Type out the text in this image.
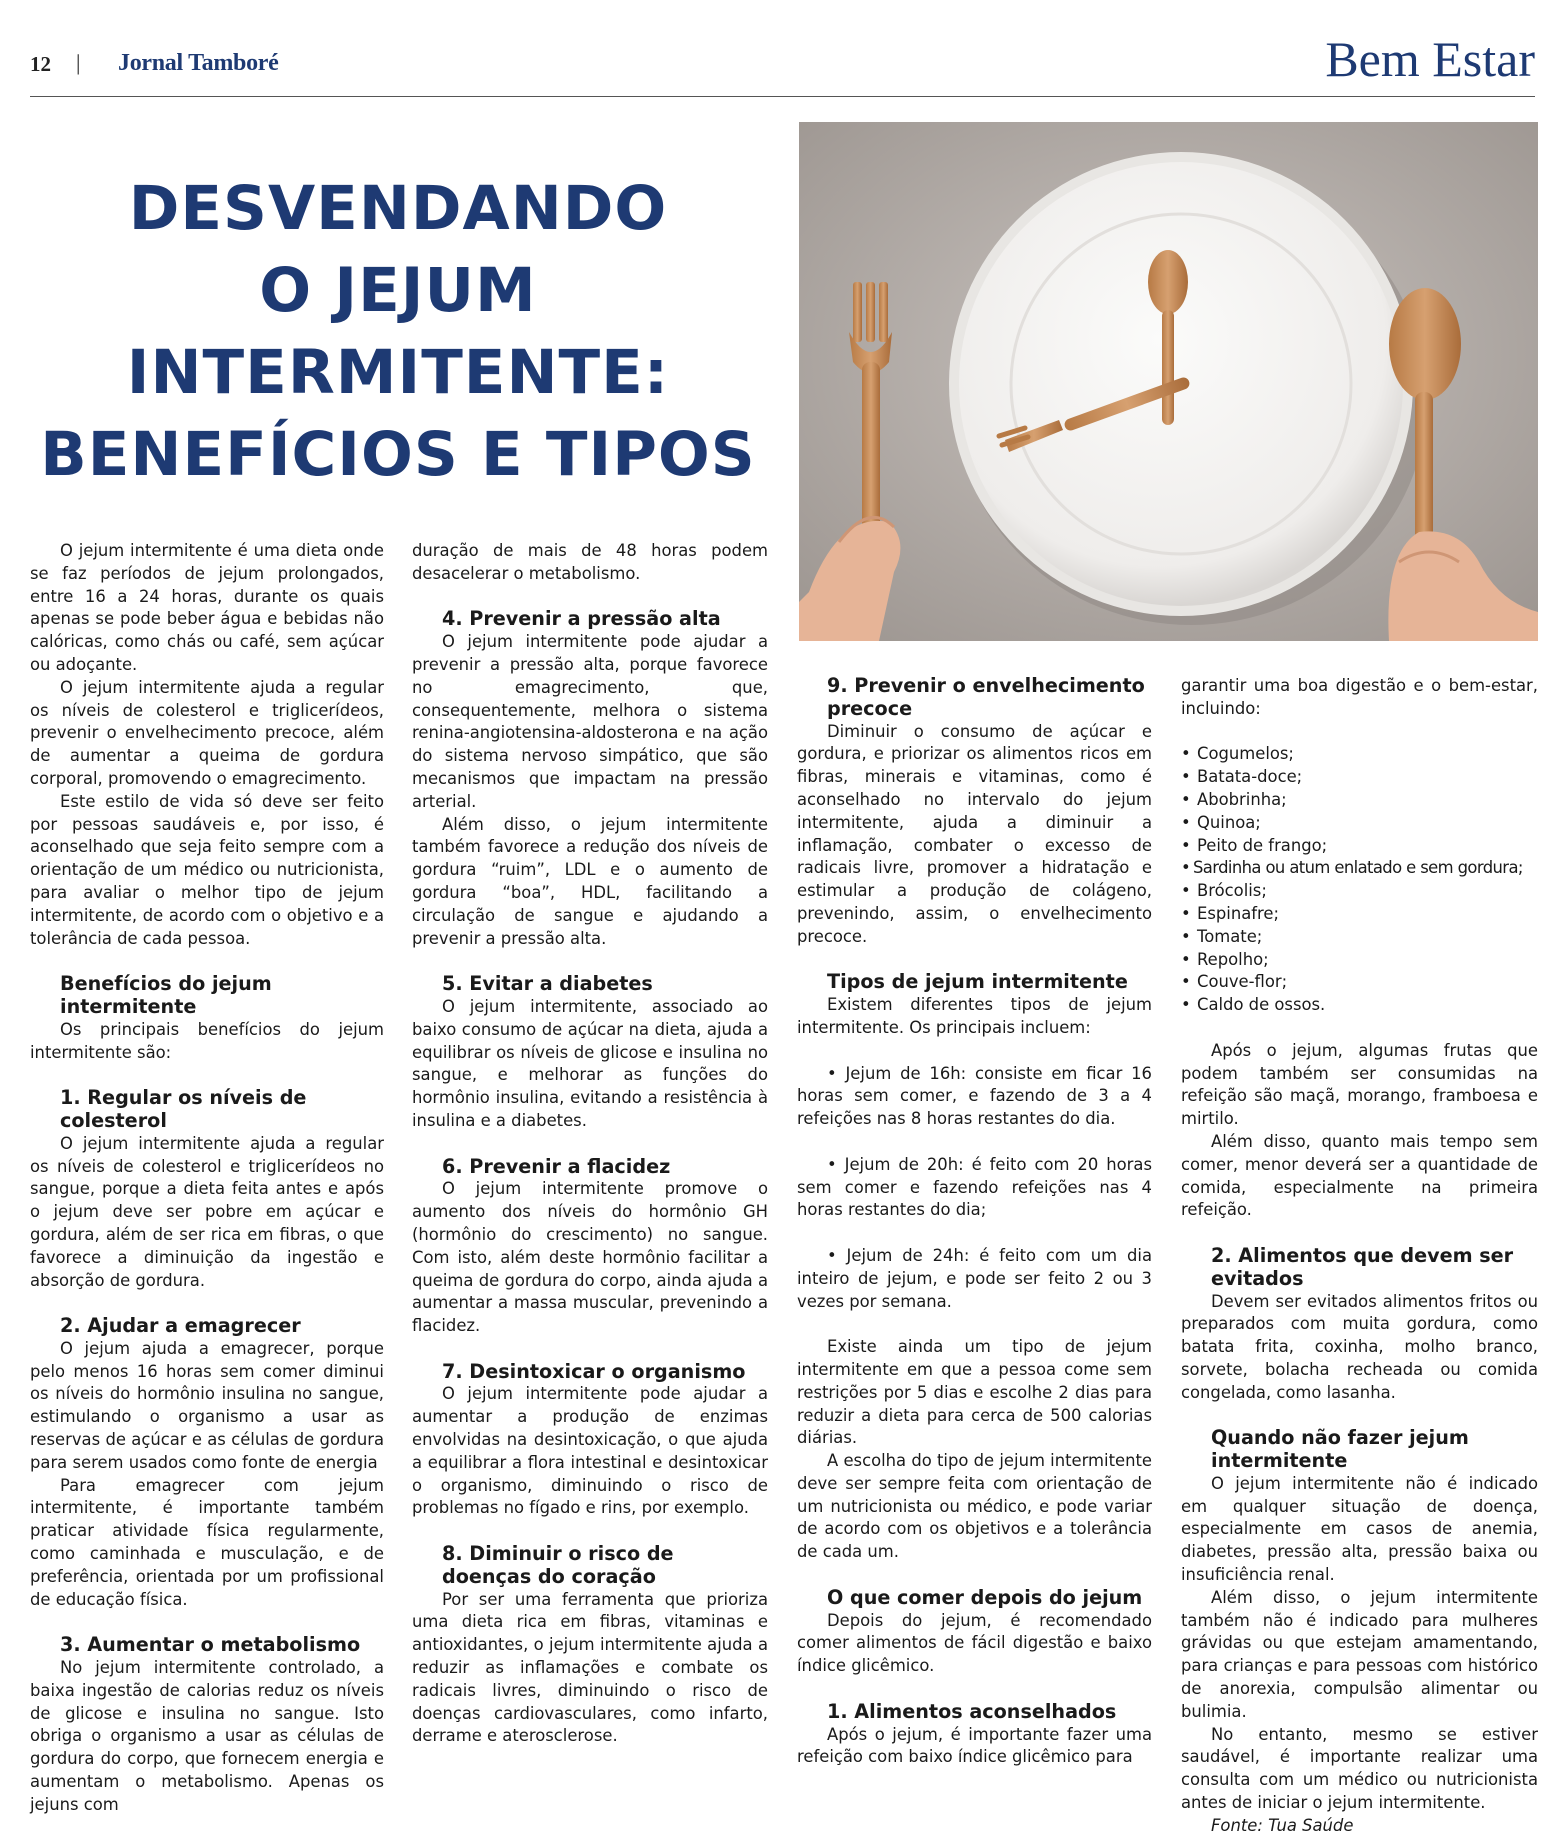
12 | Jornal Tamboré	Bem Estar
DESVENDANDO
O JEJUM
INTERMITENTE:
BENEFÍCIOS E TIPOS

O jejum intermitente é uma dieta onde se faz períodos de jejum prolongados, entre 16 a 24 horas, durante os quais apenas se pode beber água e bebidas não calóricas, como chás ou café, sem açúcar ou adoçante.

O jejum intermitente ajuda a regular os níveis de colesterol e triglicerídeos, prevenir o envelhecimento precoce, além de aumentar a queima de gordura corporal, promovendo o emagrecimento.

Este estilo de vida só deve ser feito por pessoas saudáveis e, por isso, é aconselhado que seja feito sempre com a orientação de um médico ou nutricionista, para avaliar o melhor tipo de jejum intermitente, de acordo com o objetivo e a tolerância de cada pessoa.

Benefícios do jejum intermitente

Os principais benefícios do jejum intermitente são:

1. Regular os níveis de colesterol

O jejum intermitente ajuda a regular os níveis de colesterol e triglicerídeos no sangue, porque a dieta feita antes e após o jejum deve ser pobre em açúcar e gordura, além de ser rica em fibras, o que favorece a diminuição da ingestão e absorção de gordura.

2. Ajudar a emagrecer

O jejum ajuda a emagrecer, porque pelo menos 16 horas sem comer diminui os níveis do hormônio insulina no sangue, estimulando o organismo a usar as reservas de açúcar e as células de gordura para serem usados como fonte de energia

Para emagrecer com jejum intermitente, é importante também praticar atividade física regularmente, como caminhada e musculação, e de preferência, orientada por um profissional de educação física.

3. Aumentar o metabolismo

No jejum intermitente controlado, a baixa ingestão de calorias reduz os níveis de glicose e insulina no sangue. Isto obriga o organismo a usar as células de gordura do corpo, que fornecem energia e aumentam o metabolismo. Apenas os jejuns com

duração de mais de 48 horas podem desacelerar o metabolismo.

4. Prevenir a pressão alta

O jejum intermitente pode ajudar a prevenir a pressão alta, porque favorece no emagrecimento, que, consequentemente, melhora o sistema renina-angiotensina-aldosterona e na ação do sistema nervoso simpático, que são mecanismos que impactam na pressão arterial.

Além disso, o jejum intermitente também favorece a redução dos níveis de gordura “ruim”, LDL e o aumento de gordura “boa”, HDL, facilitando a circulação de sangue e ajudando a prevenir a pressão alta.

5. Evitar a diabetes

O jejum intermitente, associado ao baixo consumo de açúcar na dieta, ajuda a equilibrar os níveis de glicose e insulina no sangue, e melhorar as funções do hormônio insulina, evitando a resistência à insulina e a diabetes.

6. Prevenir a flacidez

O jejum intermitente promove o aumento dos níveis do hormônio GH (hormônio do crescimento) no sangue. Com isto, além deste hormônio facilitar a queima de gordura do corpo, ainda ajuda a aumentar a massa muscular, prevenindo a flacidez.

7. Desintoxicar o organismo

O jejum intermitente pode ajudar a aumentar a produção de enzimas envolvidas na desintoxicação, o que ajuda a equilibrar a flora intestinal e desintoxicar o organismo, diminuindo o risco de problemas no fígado e rins, por exemplo.

8. Diminuir o risco de doenças do coração

Por ser uma ferramenta que prioriza uma dieta rica em fibras, vitaminas e antioxidantes, o jejum intermitente ajuda a reduzir as inflamações e combate os radicais livres, diminuindo o risco de doenças cardiovasculares, como infarto, derrame e aterosclerose.

9. Prevenir o envelhecimento precoce

Diminuir o consumo de açúcar e gordura, e priorizar os alimentos ricos em fibras, minerais e vitaminas, como é aconselhado no intervalo do jejum intermitente, ajuda a diminuir a inflamação, combater o excesso de radicais livre, promover a hidratação e estimular a produção de colágeno, prevenindo, assim, o envelhecimento precoce.

Tipos de jejum intermitente

Existem diferentes tipos de jejum intermitente. Os principais incluem:

• Jejum de 16h: consiste em ficar 16 horas sem comer, e fazendo de 3 a 4 refeições nas 8 horas restantes do dia.

• Jejum de 20h: é feito com 20 horas sem comer e fazendo refeições nas 4 horas restantes do dia;

• Jejum de 24h: é feito com um dia inteiro de jejum, e pode ser feito 2 ou 3 vezes por semana.

Existe ainda um tipo de jejum intermitente em que a pessoa come sem restrições por 5 dias e escolhe 2 dias para reduzir a dieta para cerca de 500 calorias diárias.

A escolha do tipo de jejum intermitente deve ser sempre feita com orientação de um nutricionista ou médico, e pode variar de acordo com os objetivos e a tolerância de cada um.

O que comer depois do jejum

Depois do jejum, é recomendado comer alimentos de fácil digestão e baixo índice glicêmico.

1. Alimentos aconselhados

Após o jejum, é importante fazer uma refeição com baixo índice glicêmico para

garantir uma boa digestão e o bem-estar, incluindo:

• Cogumelos;
• Batata-doce;
• Abobrinha;
• Quinoa;
• Peito de frango;
• Sardinha ou atum enlatado e sem gordura;
• Brócolis;
• Espinafre;
• Tomate;
• Repolho;
• Couve-flor;
• Caldo de ossos.

Após o jejum, algumas frutas que podem também ser consumidas na refeição são maçã, morango, framboesa e mirtilo.

Além disso, quanto mais tempo sem comer, menor deverá ser a quantidade de comida, especialmente na primeira refeição.

2. Alimentos que devem ser evitados

Devem ser evitados alimentos fritos ou preparados com muita gordura, como batata frita, coxinha, molho branco, sorvete, bolacha recheada ou comida congelada, como lasanha.

Quando não fazer jejum intermitente

O jejum intermitente não é indicado em qualquer situação de doença, especialmente em casos de anemia, diabetes, pressão alta, pressão baixa ou insuficiência renal.

Além disso, o jejum intermitente também não é indicado para mulheres grávidas ou que estejam amamentando, para crianças e para pessoas com histórico de anorexia, compulsão alimentar ou bulimia.

No entanto, mesmo se estiver saudável, é importante realizar uma consulta com um médico ou nutricionista antes de iniciar o jejum intermitente.

Fonte: Tua Saúde
